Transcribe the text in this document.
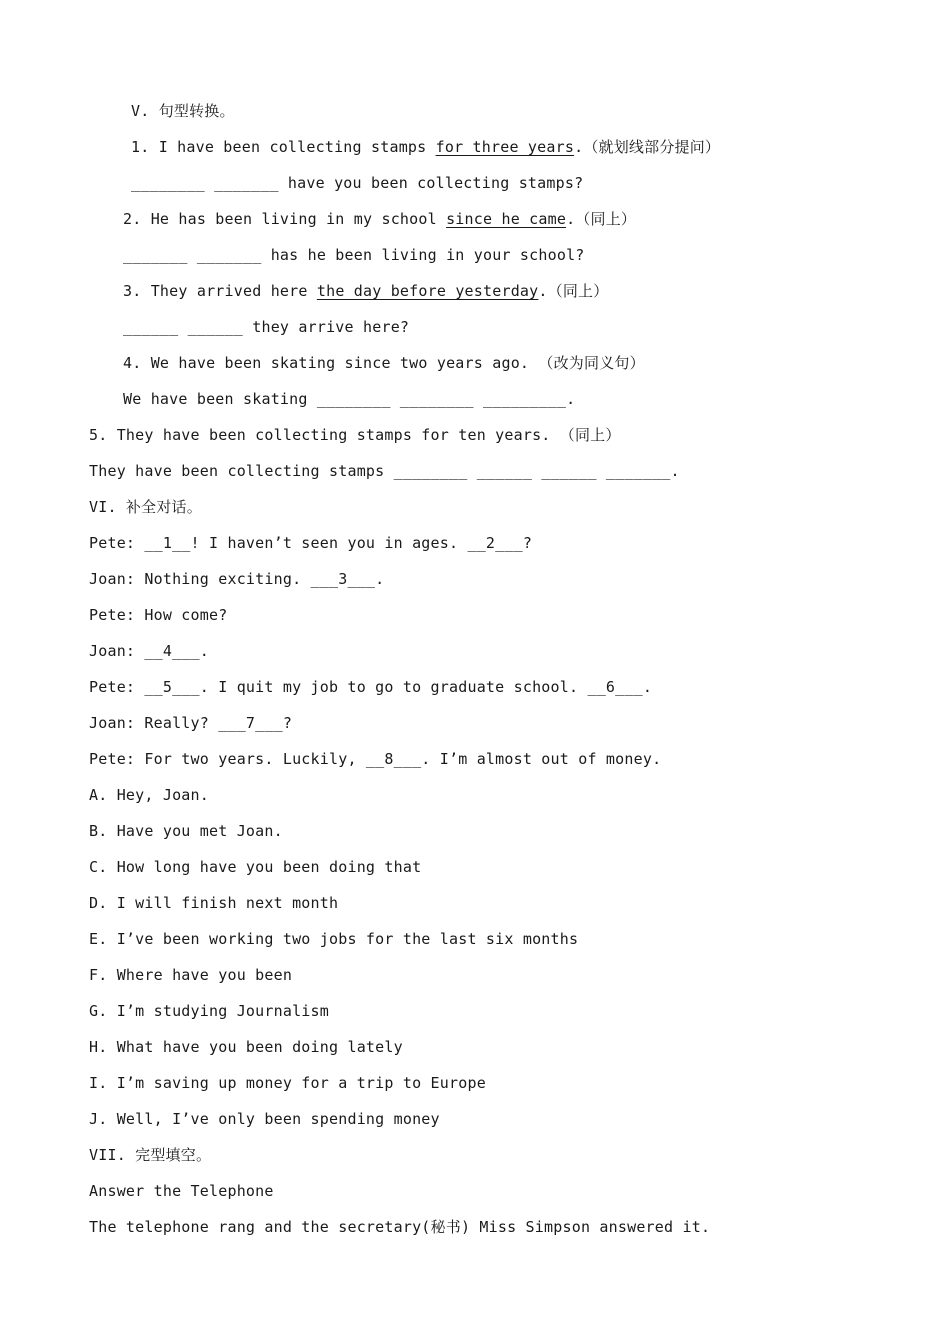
V. 句型转换。
1. I have been collecting stamps for three years.（就划线部分提问）
________ _______ have you been collecting stamps?
2. He has been living in my school since he came.（同上）
_______ _______ has he been living in your school?
3. They arrived here the day before yesterday.（同上）
______ ______ they arrive here?
4. We have been skating since two years ago. （改为同义句）
We have been skating ________ ________ _________.
5. They have been collecting stamps for ten years. （同上）
They have been collecting stamps ________ ______ ______ _______.
VI. 补全对话。
Pete: __1__! I haven’t seen you in ages. __2___?
Joan: Nothing exciting. ___3___.
Pete: How come?
Joan: __4___.
Pete: __5___. I quit my job to go to graduate school. __6___.
Joan: Really? ___7___?
Pete: For two years. Luckily, __8___. I’m almost out of money.
A. Hey, Joan.
B. Have you met Joan.
C. How long have you been doing that
D. I will finish next month
E. I’ve been working two jobs for the last six months
F. Where have you been
G. I’m studying Journalism
H. What have you been doing lately
I. I’m saving up money for a trip to Europe
J. Well, I’ve only been spending money
VII. 完型填空。
Answer the Telephone
The telephone rang and the secretary(秘书) Miss Simpson answered it.
